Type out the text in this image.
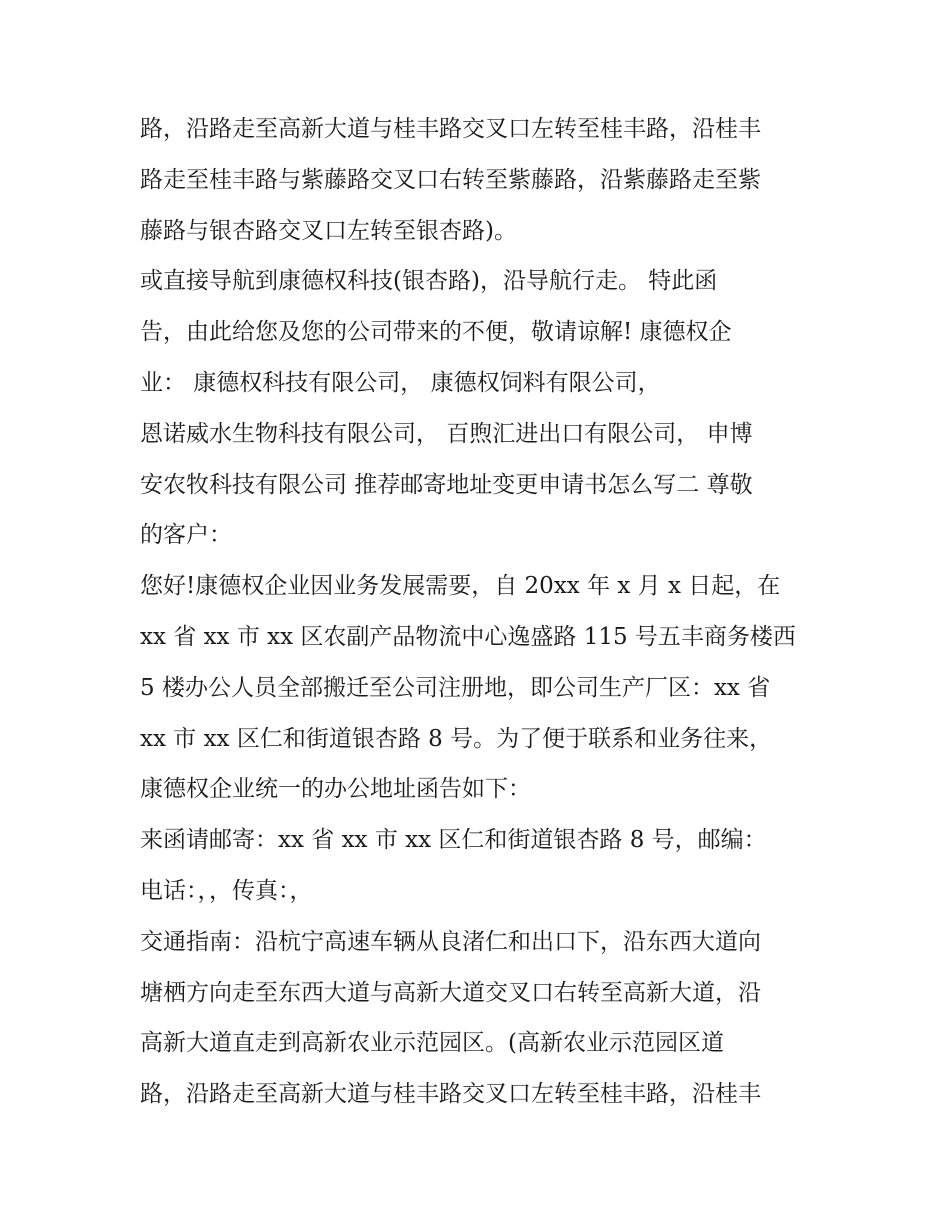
路，沿路走至高新大道与桂丰路交叉口左转至桂丰路，沿桂丰
路走至桂丰路与紫藤路交叉口右转至紫藤路，沿紫藤路走至紫
藤路与银杏路交叉口左转至银杏路)。
或直接导航到康德权科技(银杏路)，沿导航行走。 特此函
告，由此给您及您的公司带来的不便，敬请谅解! 康德权企
业： 康德权科技有限公司， 康德权饲料有限公司，
恩诺威水生物科技有限公司， 百煦汇进出口有限公司， 申博
安农牧科技有限公司 推荐邮寄地址变更申请书怎么写二 尊敬
的客户：
您好!康德权企业因业务发展需要，自 20xx 年 x 月 x 日起，在
xx 省 xx 市 xx 区农副产品物流中心逸盛路 115 号五丰商务楼西
5 楼办公人员全部搬迁至公司注册地，即公司生产厂区：xx 省
xx 市 xx 区仁和街道银杏路 8 号。为了便于联系和业务往来，
康德权企业统一的办公地址函告如下：
来函请邮寄：xx 省 xx 市 xx 区仁和街道银杏路 8 号，邮编：
电话：，，传真：，
交通指南：沿杭宁高速车辆从良渚仁和出口下，沿东西大道向
塘栖方向走至东西大道与高新大道交叉口右转至高新大道，沿
高新大道直走到高新农业示范园区。(高新农业示范园区道
路，沿路走至高新大道与桂丰路交叉口左转至桂丰路，沿桂丰
